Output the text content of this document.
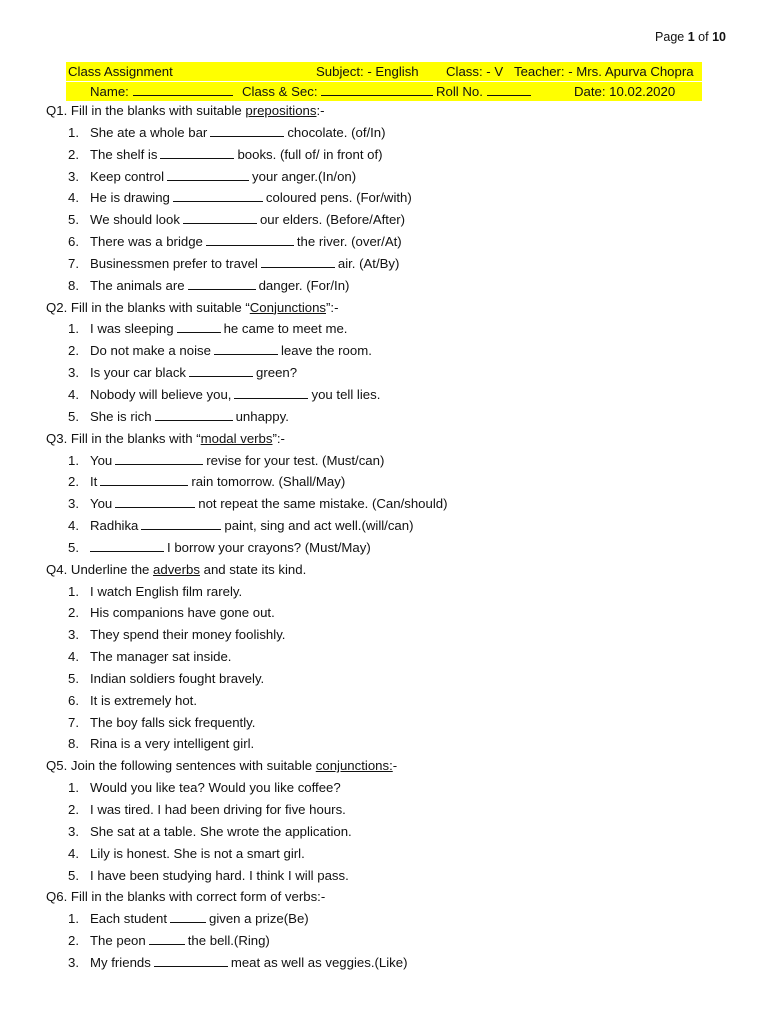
Page 1 of 10
Class Assignment	Subject: - English Class: - V Teacher: - Mrs. Apurva Chopra
Name:	Class & Sec:	Roll No.	Date: 10.02.2020
Q1. Fill in the blanks with suitable prepositions:-
1. She ate a whole bar	chocolate. (of/In)
2. The shelf is	books. (full of/ in front of)
3. Keep control	your anger.(In/on)
4. He is drawing	coloured pens. (For/with)
5. We should look	our elders. (Before/After)
6. There was a bridge	the river. (over/At)
7. Businessmen prefer to travel	air. (At/By)
8. The animals are	danger. (For/In)
Q2. Fill in the blanks with suitable “Conjunctions”:-
1. I was sleeping	he came to meet me.
2. Do not make a noise	leave the room.
3. Is your car black	green?
4. Nobody will believe you,	you tell lies.
5. She is rich	unhappy.
Q3. Fill in the blanks with “modal verbs”:-
1. You	revise for your test. (Must/can)
2. It	rain tomorrow. (Shall/May)
3. You	not repeat the same mistake. (Can/should)
4. Radhika	paint, sing and act well.(will/can)
5.	I borrow your crayons? (Must/May)
Q4. Underline the adverbs and state its kind.
1. I watch English film rarely.
2. His companions have gone out.
3. They spend their money foolishly.
4. The manager sat inside.
5. Indian soldiers fought bravely.
6. It is extremely hot.
7. The boy falls sick frequently.
8. Rina is a very intelligent girl.
Q5. Join the following sentences with suitable conjunctions:-
1. Would you like tea? Would you like coffee?
2. I was tired. I had been driving for five hours.
3. She sat at a table. She wrote the application.
4. Lily is honest. She is not a smart girl.
5. I have been studying hard. I think I will pass.
Q6. Fill in the blanks with correct form of verbs:-
1. Each student	given a prize(Be)
2. The peon	the bell.(Ring)
3. My friends	meat as well as veggies.(Like)
